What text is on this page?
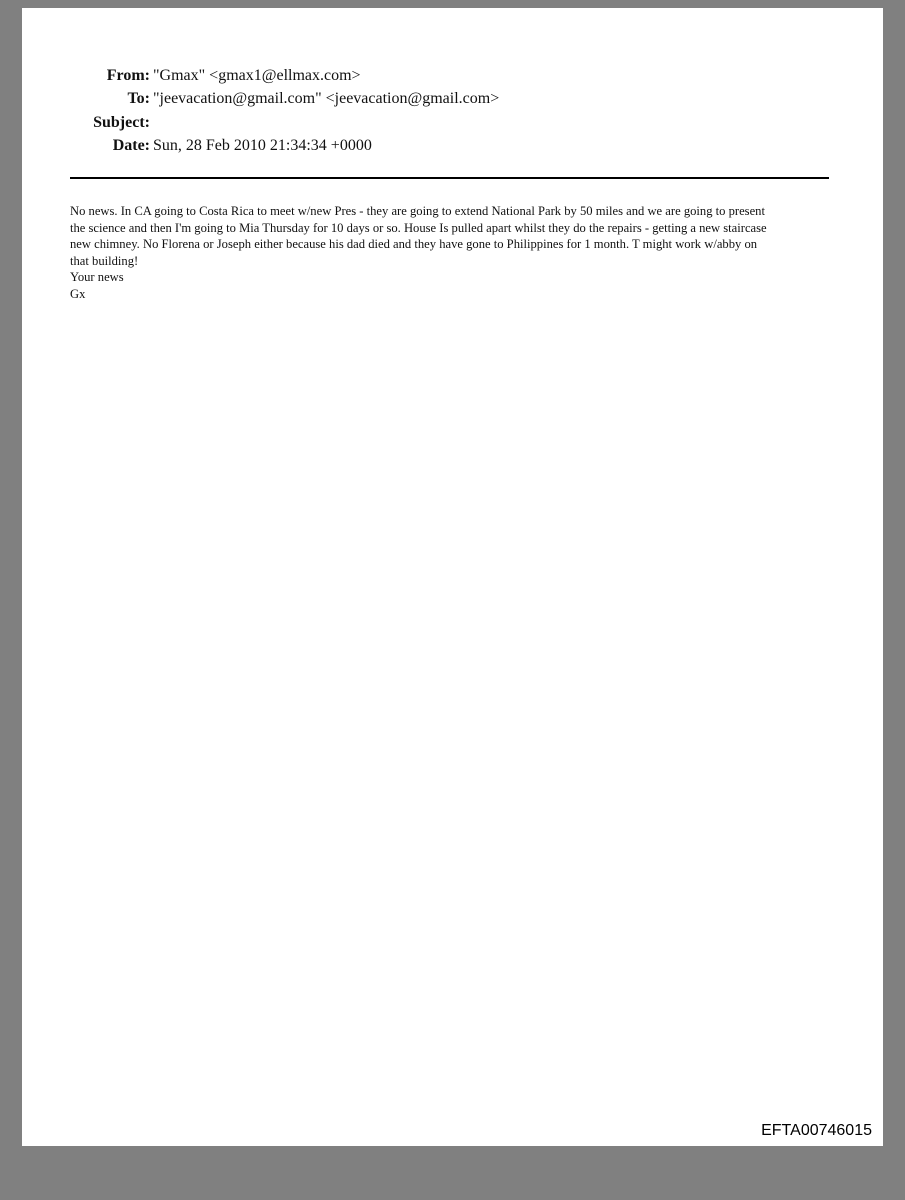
From: "Gmax" <gmax1@ellmax.com>
To: "jeevacation@gmail.com" <jeevacation@gmail.com>
Subject:
Date: Sun, 28 Feb 2010 21:34:34 +0000
No news. In CA going to Costa Rica to meet w/new Pres - they are going to extend National Park by 50 miles and we are going to present
the science and then I'm going to Mia Thursday for 10 days or so. House Is pulled apart whilst they do the repairs - getting a new staircase
new chimney. No Florena or Joseph either because his dad died and they have gone to Philippines for 1 month. T might work w/abby on
that building!
Your news
Gx
EFTA00746015
